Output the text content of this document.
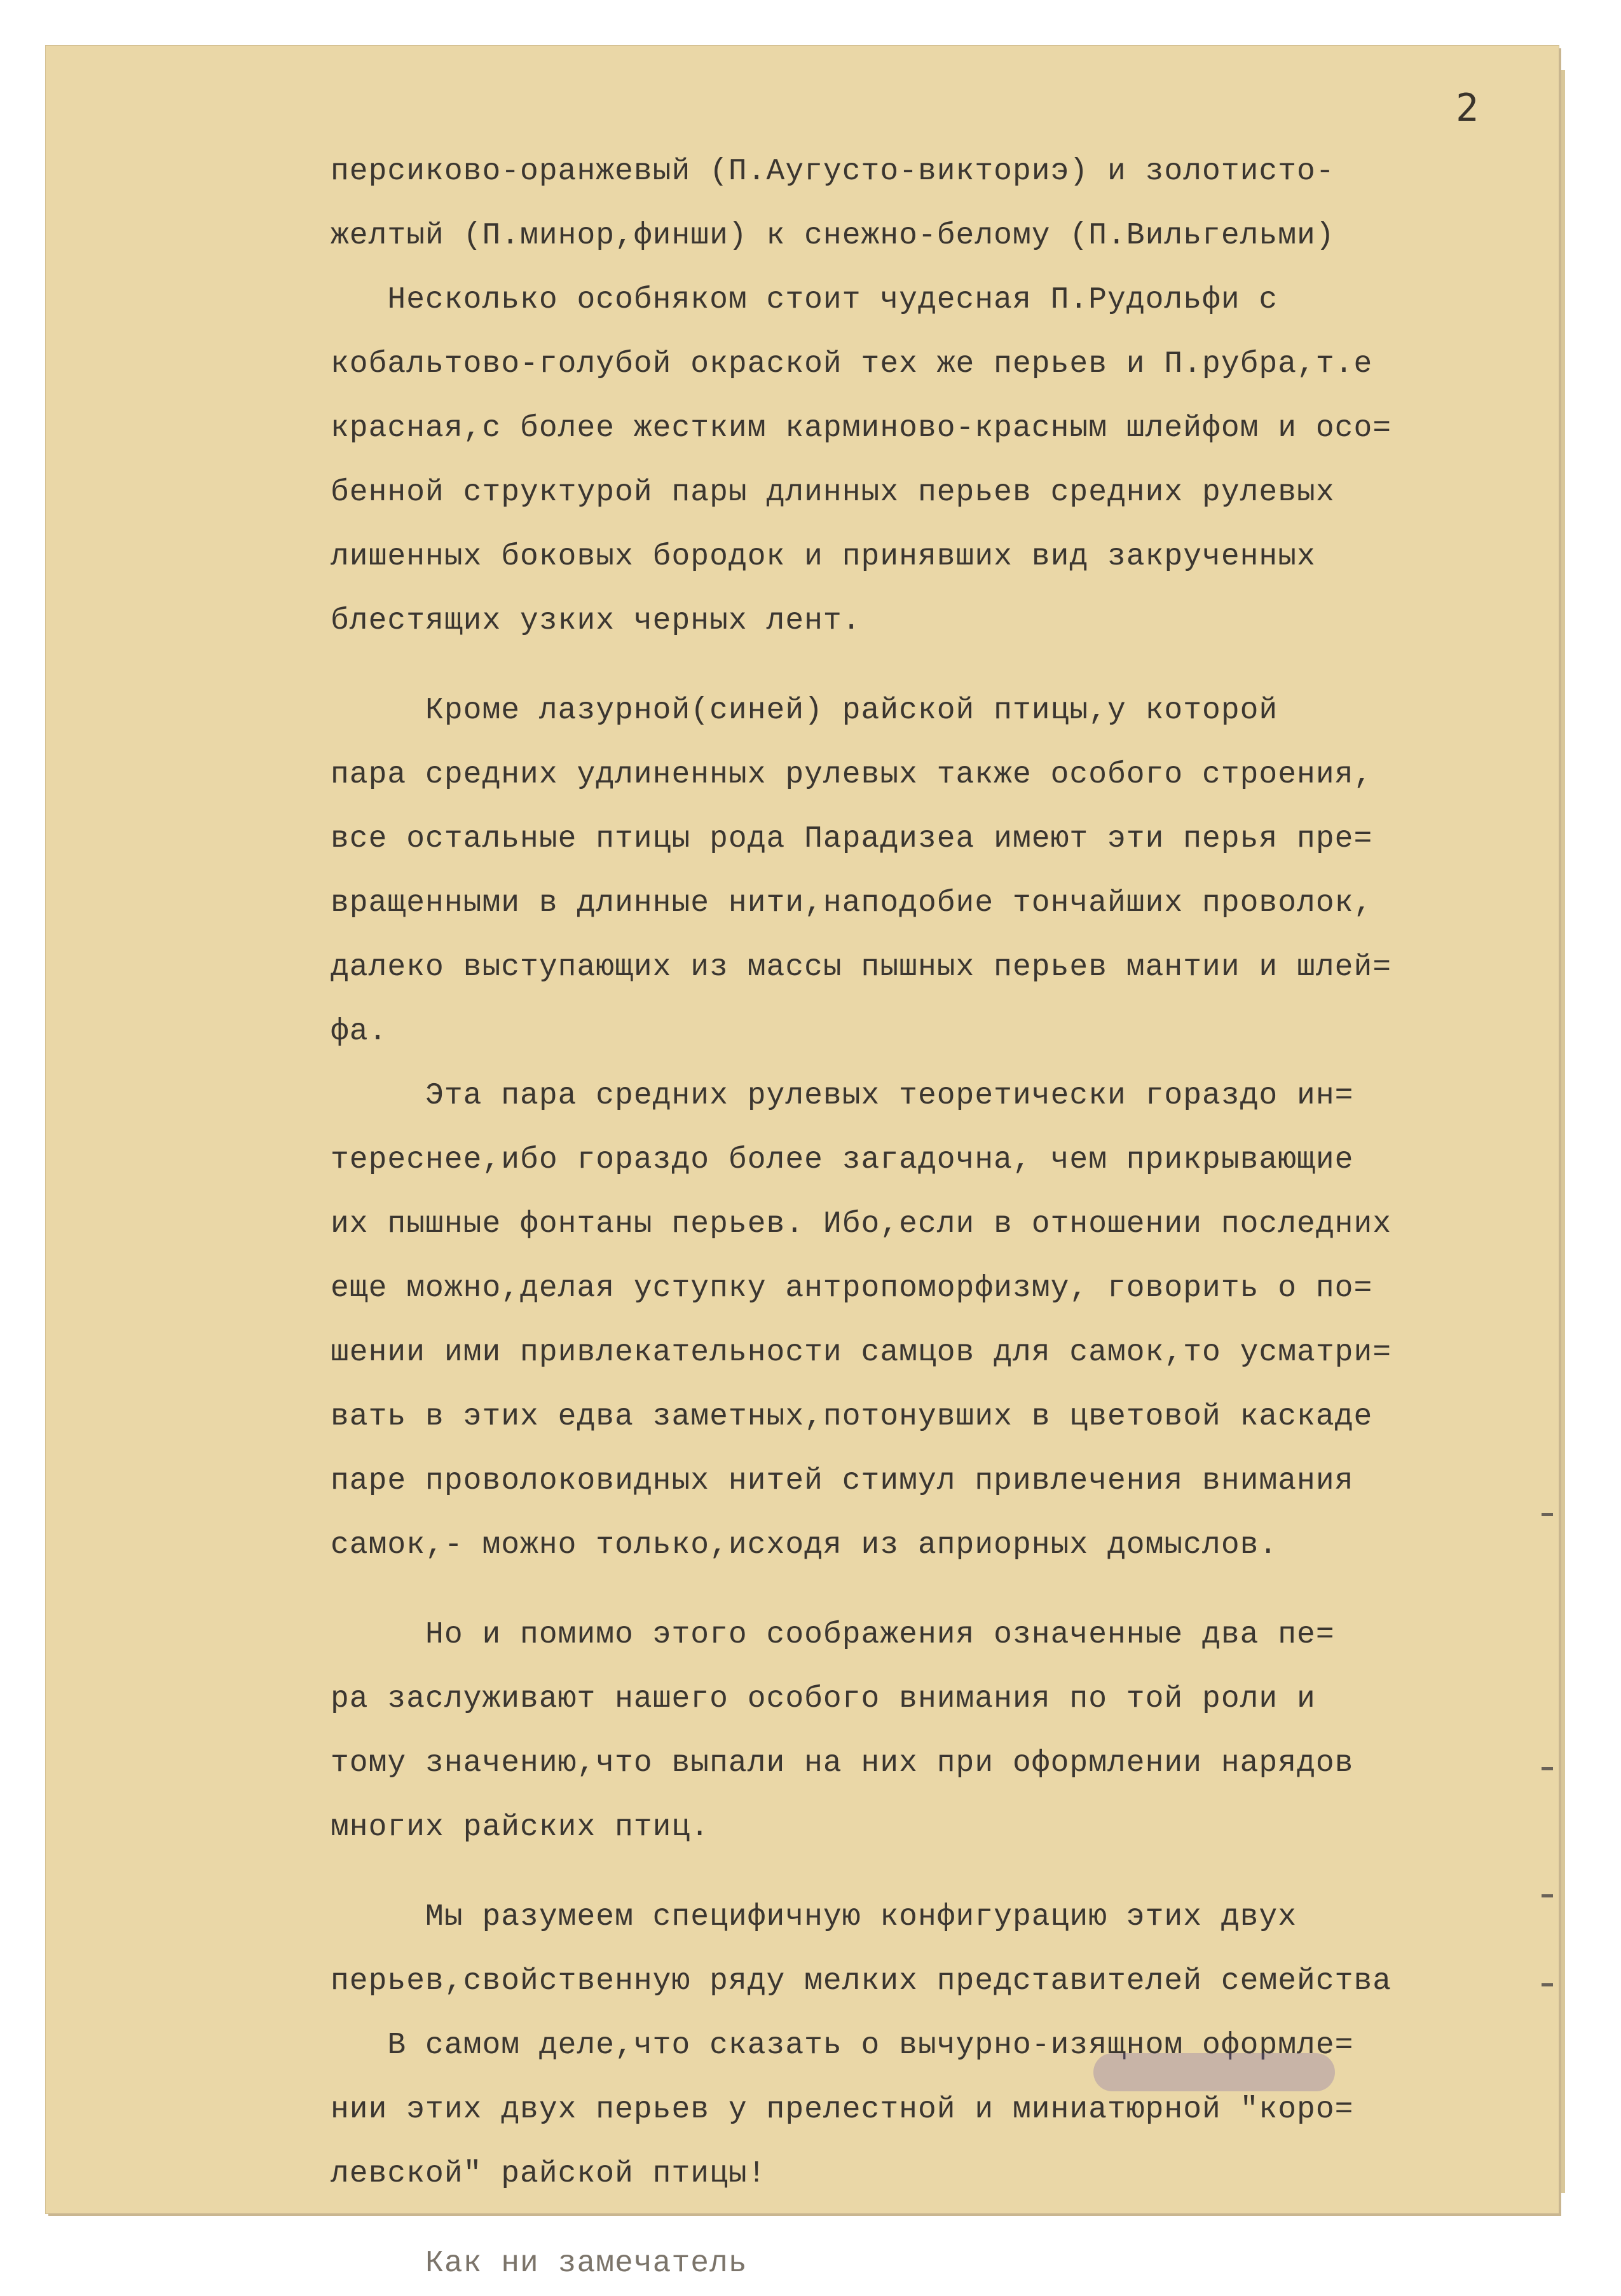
2
персиково-оранжевый (П.Аугусто-викториэ) и золотисто-
желтый (П.минор,финши) к снежно-белому (П.Вильгельми)
Несколько особняком стоит чудесная П.Рудольфи с
кобальтово-голубой окраской тех же перьев и П.рубра,т.е
красная,с более жестким карминово-красным шлейфом и осо=
бенной структурой пары длинных перьев средних рулевых
лишенных боковых бородок и принявших вид закрученных
блестящих узких черных лент.
Кроме лазурной(синей) райской птицы,у которой
пара средних удлиненных рулевых также особого строения,
все остальные птицы рода Парадизеа имеют эти перья пре=
вращенными в длинные нити,наподобие тончайших проволок,
далеко выступающих из массы пышных перьев мантии и шлей=
фа.
Эта пара средних рулевых теоретически гораздо ин=
тереснее,ибо гораздо более загадочна, чем прикрывающие
их пышные фонтаны перьев. Ибо,если в отношении последних
еще можно,делая уступку антропоморфизму, говорить о по=
шении ими привлекательности самцов для самок,то усматри=
вать в этих едва заметных,потонувших в цветовой каскаде
паре проволоковидных нитей стимул привлечения внимания
самок,- можно только,исходя из априорных домыслов.
Но и помимо этого соображения означенные два пе=
ра заслуживают нашего особого внимания по той роли и
тому значению,что выпали на них при оформлении нарядов
многих райских птиц.
Мы разумеем специфичную конфигурацию этих двух
перьев,свойственную ряду мелких представителей семейства
В самом деле,что сказать о вычурно-изящном оформле=
нии этих двух перьев у прелестной и миниатюрной "коро=
левской" райской птицы!
Как ни замечатель
